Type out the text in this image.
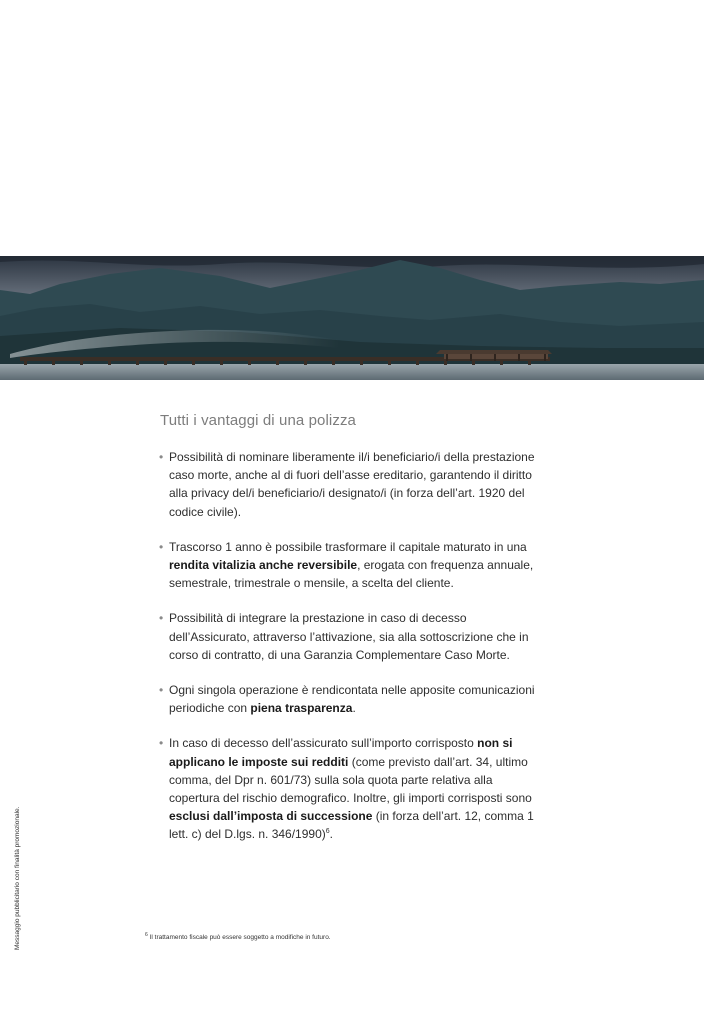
Tutti i vantaggi di una polizza
• Possibilità di nominare liberamente il/i beneficiario/i della prestazione caso morte, anche al di fuori dell’asse ereditario, garantendo il diritto alla privacy del/i beneficiario/i designato/i (in forza dell’art. 1920 del codice civile).
• Trascorso 1 anno è possibile trasformare il capitale maturato in una rendita vitalizia anche reversibile, erogata con frequenza annuale, semestrale, trimestrale o mensile, a scelta del cliente.
• Possibilità di integrare la prestazione in caso di decesso dell’Assicurato, attraverso l’attivazione, sia alla sottoscrizione che in corso di contratto, di una Garanzia Complementare Caso Morte.
• Ogni singola operazione è rendicontata nelle apposite comunicazioni periodiche con piena trasparenza.
• In caso di decesso dell’assicurato sull’importo corrisposto non si applicano le imposte sui redditi (come previsto dall’art. 34, ultimo comma, del Dpr n. 601/73) sulla sola quota parte relativa alla copertura del rischio demografico. Inoltre, gli importi corrisposti sono esclusi dall’imposta di successione (in forza dell’art. 12, comma 1 lett. c) del D.lgs. n. 346/1990)$^6$.
$^6$ Il trattamento fiscale può essere soggetto a modifiche in futuro.
Messaggio pubblicitario con finalità promozionale.
